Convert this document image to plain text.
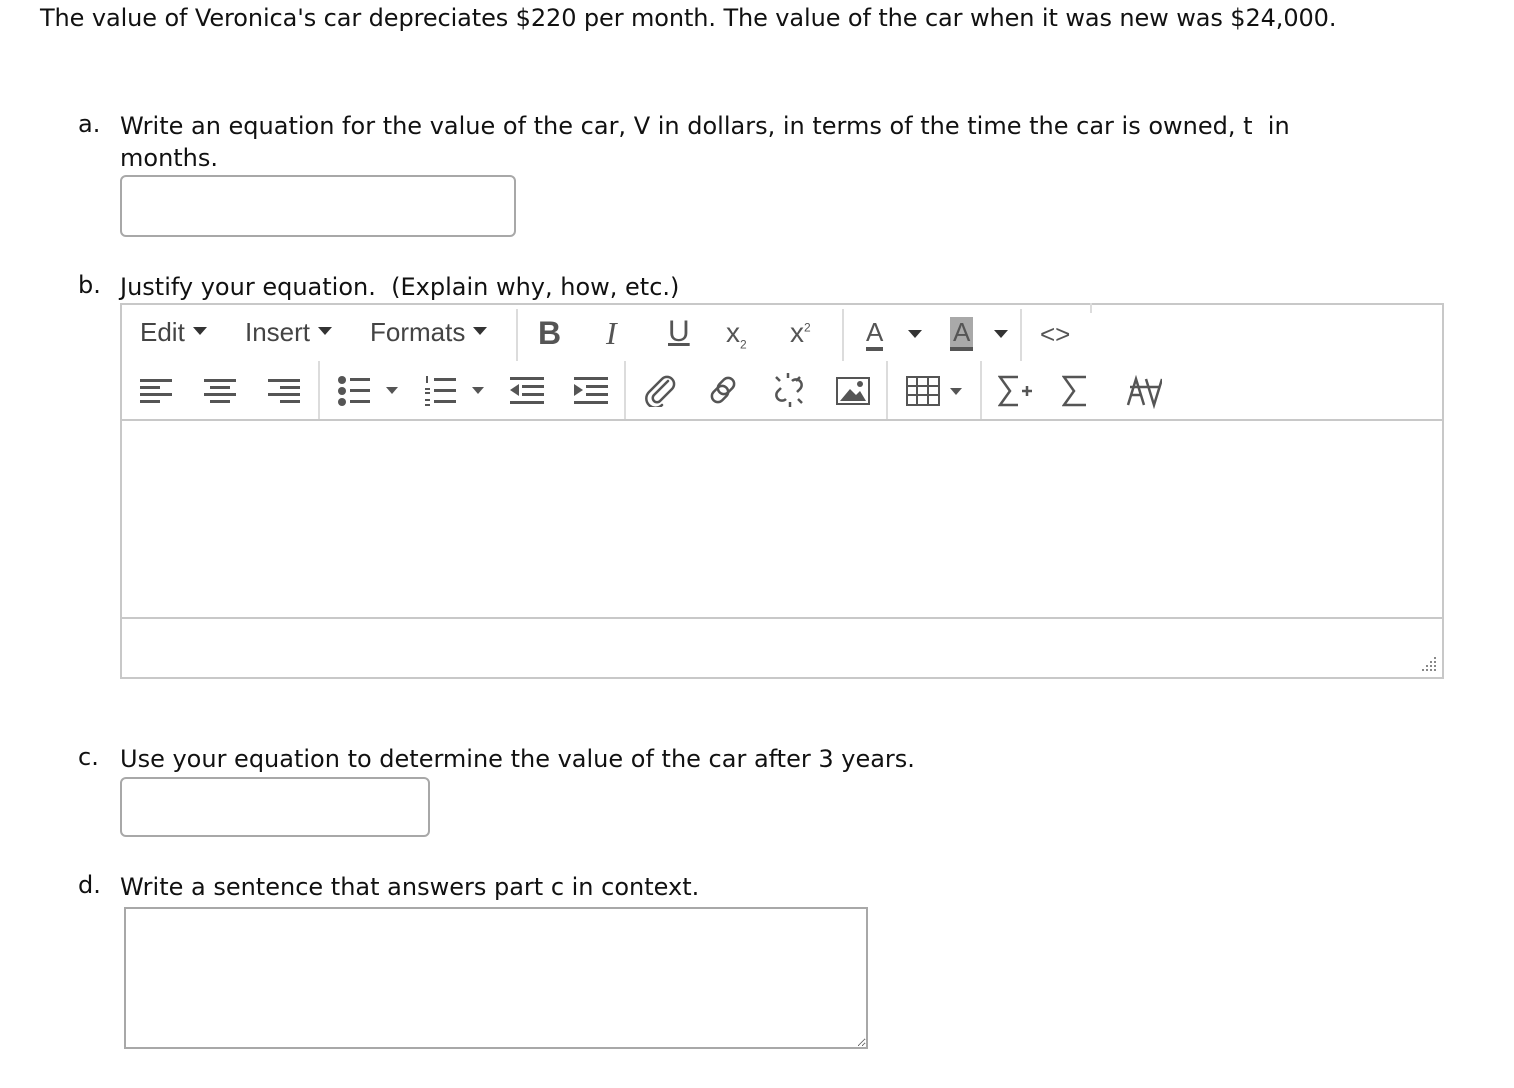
The value of Veronica's car depreciates $220 per month. The value of the car when it was new was $24,000.
a. Write an equation for the value of the car, V in dollars, in terms of the time the car is owned, t  in
months.
b. Justify your equation.  (Explain why, how, etc.)
Edit	Insert	Formats	B I U $x_2$ $x^2$ A	A	<>
c. Use your equation to determine the value of the car after 3 years.
d. Write a sentence that answers part c in context.
